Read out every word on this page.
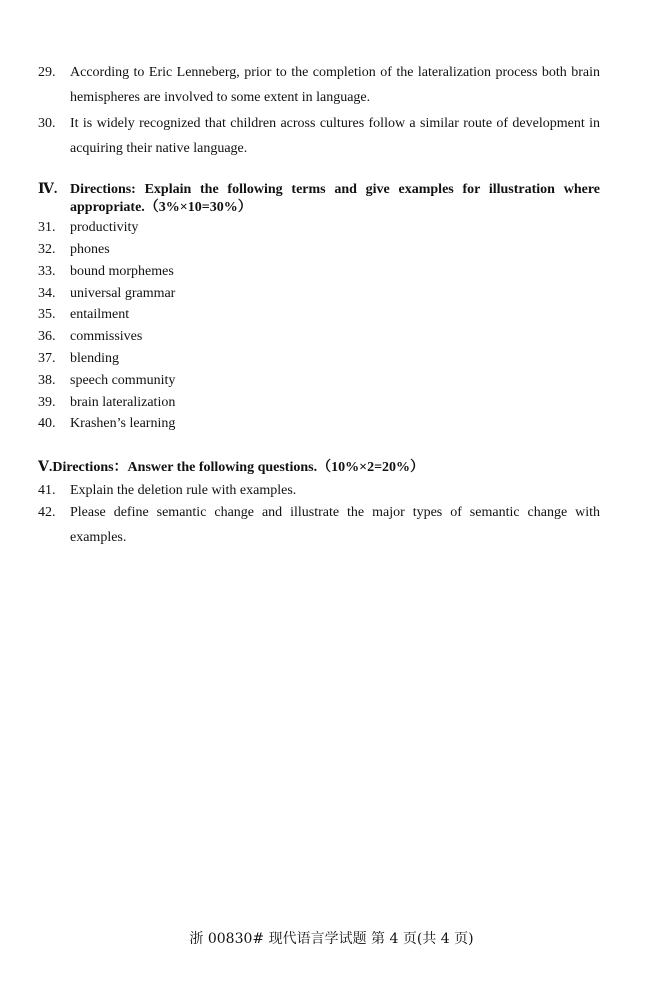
29.	According to Eric Lenneberg, prior to the completion of the lateralization process both brain hemispheres are involved to some extent in language.
30.	It is widely recognized that children across cultures follow a similar route of development in acquiring their native language.
Ⅳ. Directions: Explain the following terms and give examples for illustration where appropriate.（3%×10=30%）
31.	productivity
32.	phones
33.	bound morphemes
34.	universal grammar
35.	entailment
36.	commissives
37.	blending
38.	speech community
39.	brain lateralization
40.	Krashen’s learning
Ⅴ.Directions：Answer the following questions.（10%×2=20%）
41.	Explain the deletion rule with examples.
42.	Please define semantic change and illustrate the major types of semantic change with examples.
浙 00830# 现代语言学试题 第 4 页(共 4 页)
